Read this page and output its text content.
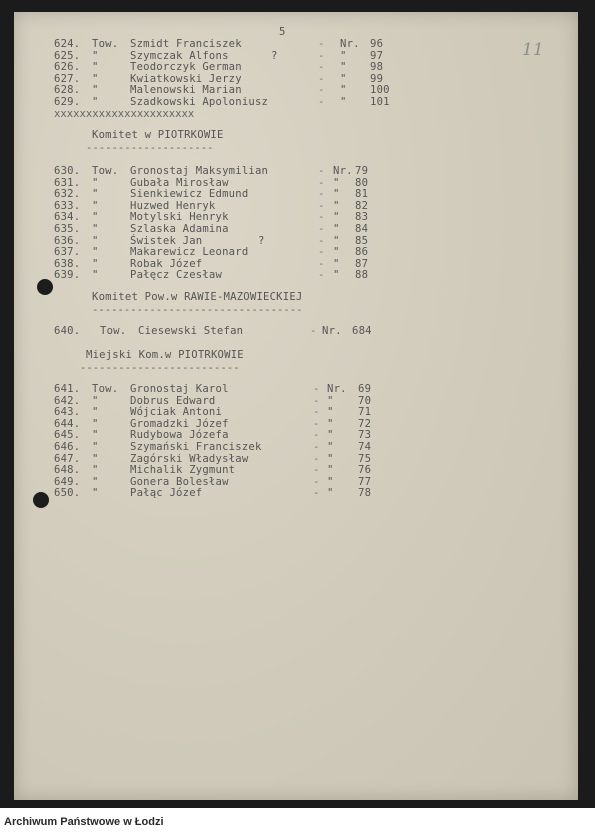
5
624. Tow. Szmidt Franciszek	- Nr. 96
625. "	Szymczak Alfons	?	- " 97
626. "	Teodorczyk German	- " 98
627. "	Kwiatkowski Jerzy	- " 99
628. "	Malenowski Marian	- " 100
629. "	Szadkowski Apoloniusz	- " 101
xxxxxxxxxxxxxxxxxxxxxx
Komitet w PIOTRKOWIE
--------------------
630. Tow. Gronostaj Maksymilian	- Nr. 79
631. "	Gubała Mirosław	- " 80
632. "	Sienkiewicz Edmund	- " 81
633. "	Huzwed Henryk	- " 82
634. "	Motylski Henryk	- " 83
635. "	Szlaska Adamina	- " 84
636. "	Świstek Jan	?	- " 85
637. "	Makarewicz Leonard	- " 86
638. "	Robak Józef	- " 87
639. "	Pałęcz Czesław	- " 88
Komitet Pow.w RAWIE-MAZOWIECKIEJ
---------------------------------
640. Tow. Ciesewski Stefan	- Nr. 684
Miejski Kom.w PIOTRKOWIE
-------------------------
641. Tow. Gronostaj Karol	- Nr. 69
642. "	Dobrus Edward	- " 70
643. "	Wójciak Antoni	- " 71
644. "	Gromadzki Józef	- " 72
645. "	Rudybowa Józefa	- " 73
646. "	Szymański Franciszek	- " 74
647. "	Zagórski Władysław	- " 75
648. "	Michalik Zygmunt	- " 76
649. "	Gonera Bolesław	- " 77
650. "	Pałąc Józef	- " 78
11
Archiwum Państwowe w Łodzi
